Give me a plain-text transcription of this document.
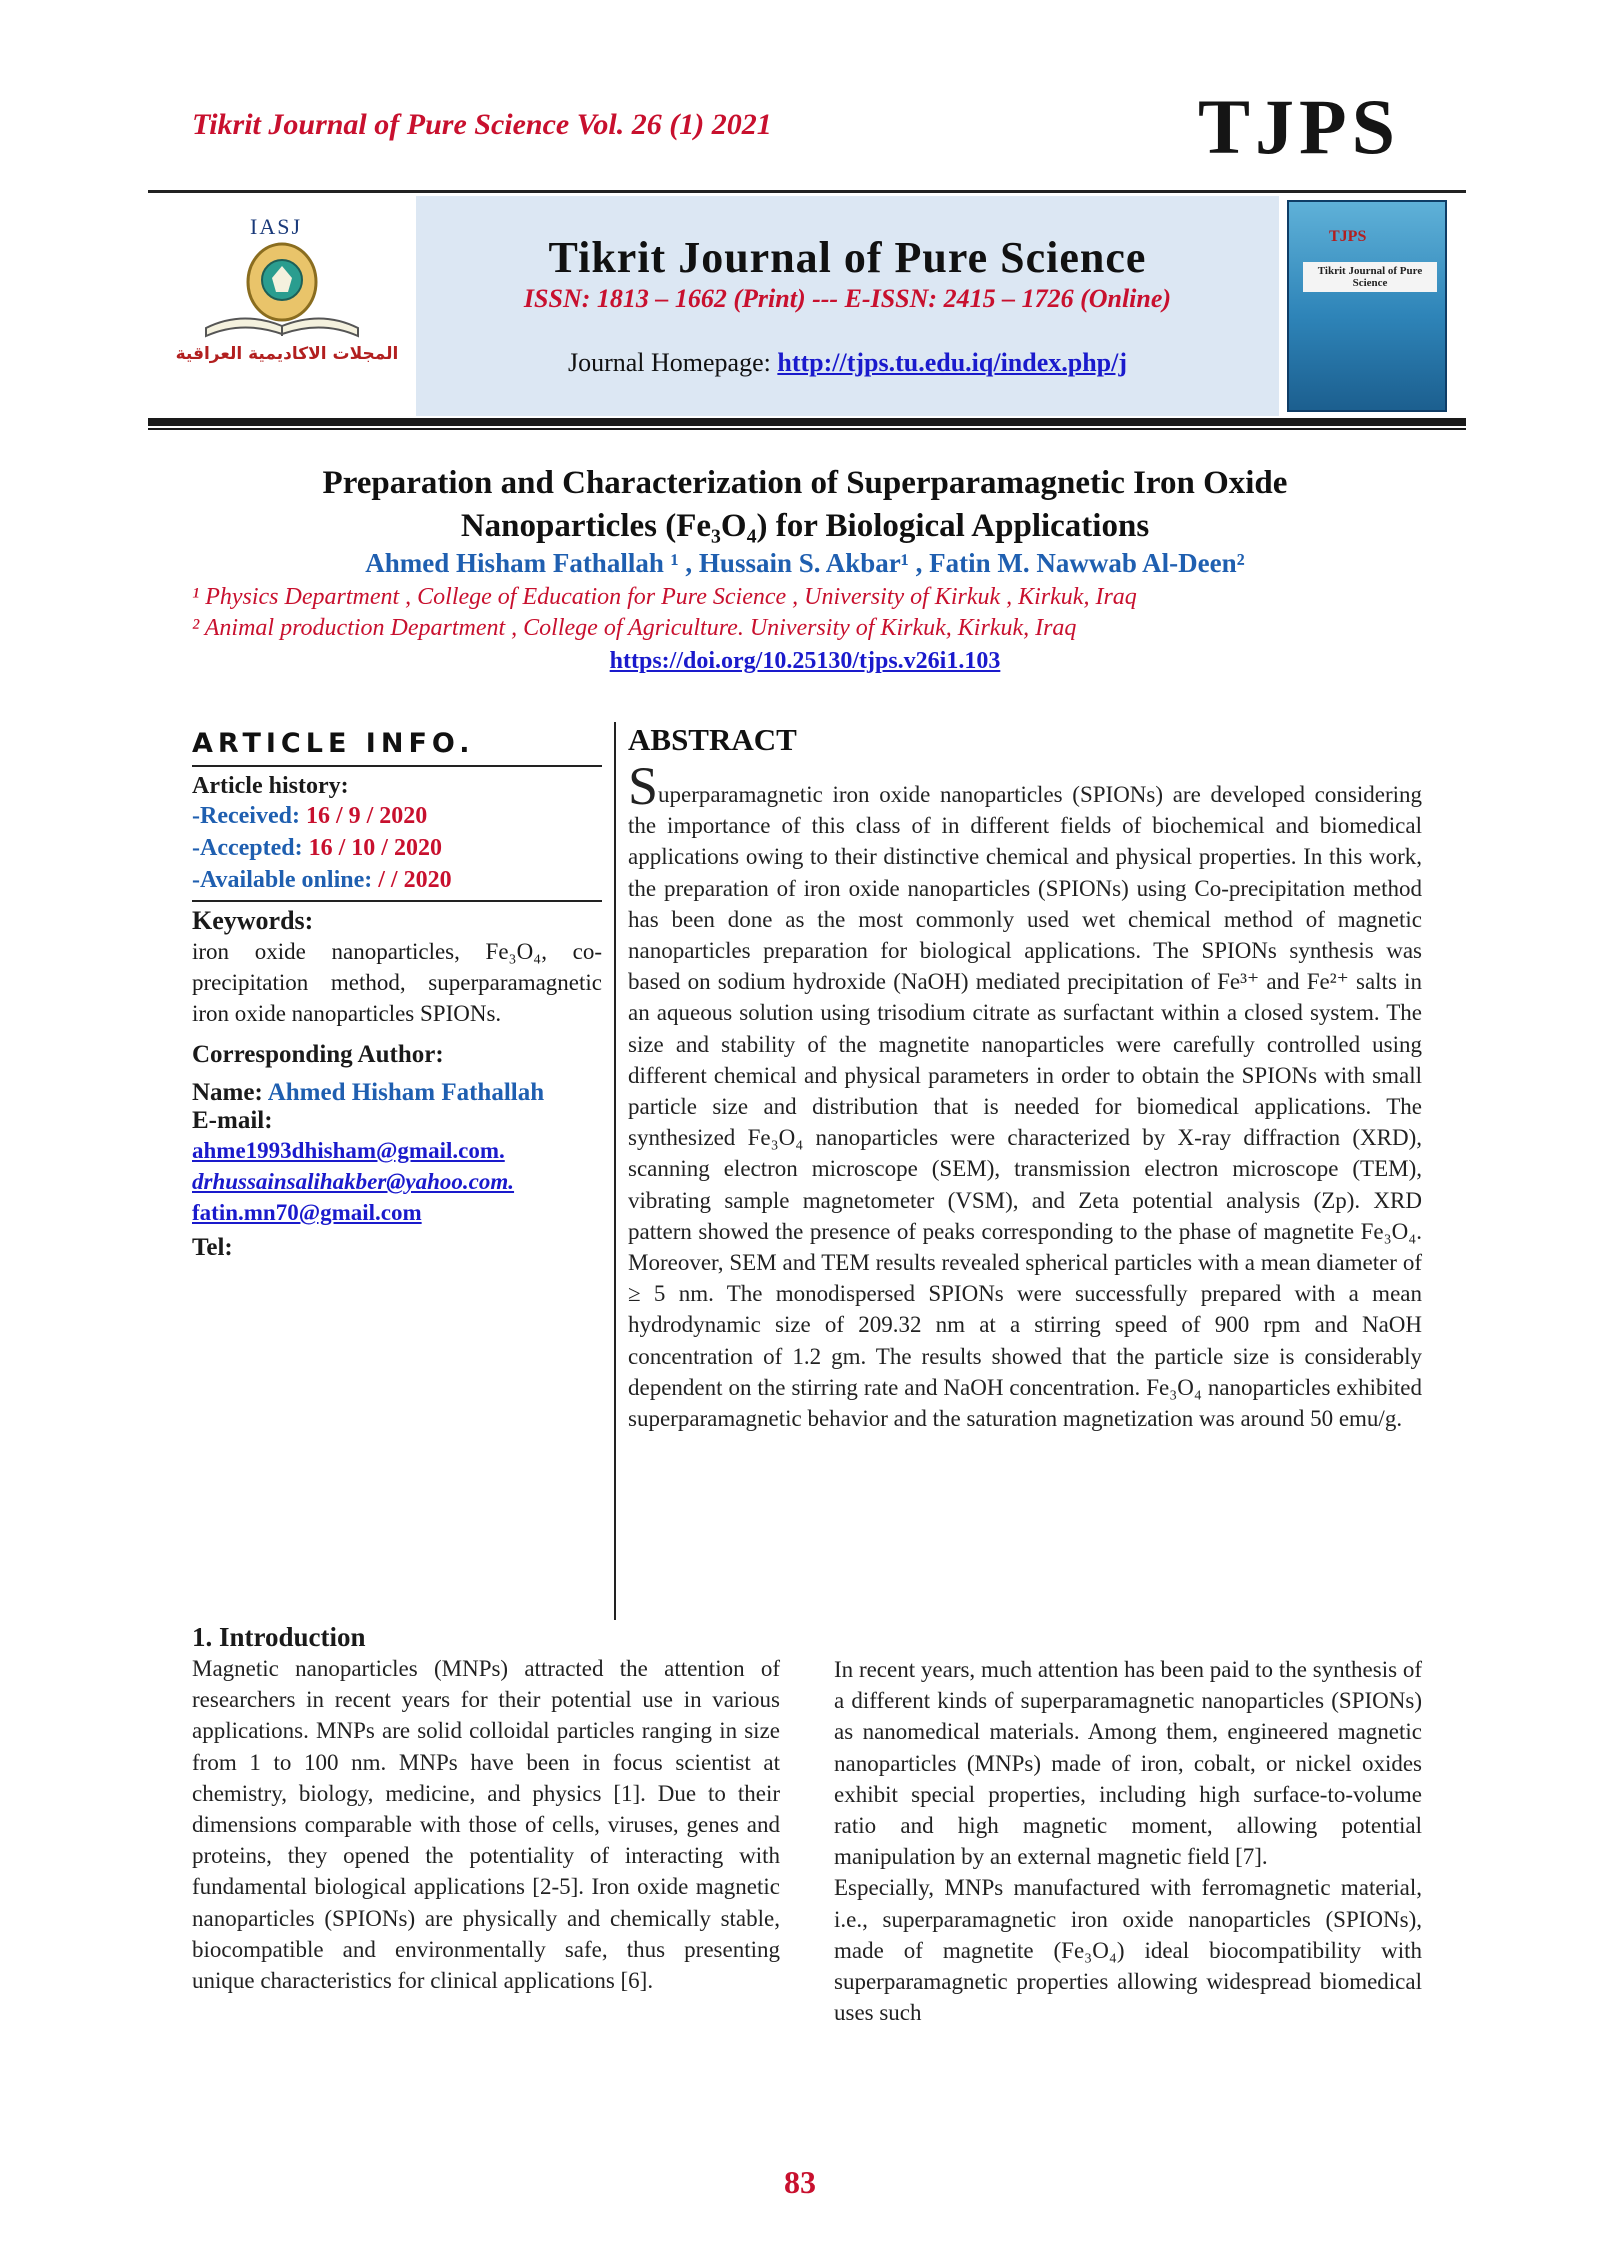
Tikrit Journal of Pure Science Vol. 26 (1) 2021	TJPS
IASJ
المجلات الاكاديمية العراقية
Tikrit Journal of Pure Science
ISSN: 1813 – 1662 (Print) --- E-ISSN: 2415 – 1726 (Online)
Journal Homepage: http://tjps.tu.edu.iq/index.php/j
TJPS
Tikrit Journal of Pure Science
Preparation and Characterization of Superparamagnetic Iron Oxide
Nanoparticles (Fe₃O₄) for Biological Applications
Ahmed Hisham Fathallah ¹ , Hussain S. Akbar¹ , Fatin M. Nawwab Al-Deen²
¹ Physics Department , College of Education for Pure Science , University of Kirkuk , Kirkuk, Iraq
² Animal production Department , College of Agriculture. University of Kirkuk, Kirkuk, Iraq
https://doi.org/10.25130/tjps.v26i1.103
ARTICLE INFO.
Article history:
-Received: 16 / 9 / 2020
-Accepted: 16 / 10 / 2020
-Available online: / / 2020
Keywords:
iron oxide nanoparticles, Fe₃O₄, co-precipitation method, superparamagnetic iron oxide nanoparticles SPIONs.
Corresponding Author:
Name: Ahmed Hisham Fathallah
E-mail:
ahme1993dhisham@gmail.com.
drhussainsalihakber@yahoo.com.
fatin.mn70@gmail.com
Tel:
ABSTRACT
Superparamagnetic iron oxide nanoparticles (SPIONs) are developed considering the importance of this class of in different fields of biochemical and biomedical applications owing to their distinctive chemical and physical properties. In this work, the preparation of iron oxide nanoparticles (SPIONs) using Co-precipitation method has been done as the most commonly used wet chemical method of magnetic nanoparticles preparation for biological applications. The SPIONs synthesis was based on sodium hydroxide (NaOH) mediated precipitation of Fe³⁺ and Fe²⁺ salts in an aqueous solution using trisodium citrate as surfactant within a closed system. The size and stability of the magnetite nanoparticles were carefully controlled using different chemical and physical parameters in order to obtain the SPIONs with small particle size and distribution that is needed for biomedical applications. The synthesized Fe₃O₄ nanoparticles were characterized by X-ray diffraction (XRD), scanning electron microscope (SEM), transmission electron microscope (TEM), vibrating sample magnetometer (VSM), and Zeta potential analysis (Zp). XRD pattern showed the presence of peaks corresponding to the phase of magnetite Fe₃O₄. Moreover, SEM and TEM results revealed spherical particles with a mean diameter of ≥ 5 nm. The monodispersed SPIONs were successfully prepared with a mean hydrodynamic size of 209.32 nm at a stirring speed of 900 rpm and NaOH concentration of 1.2 gm. The results showed that the particle size is considerably dependent on the stirring rate and NaOH concentration. Fe₃O₄ nanoparticles exhibited superparamagnetic behavior and the saturation magnetization was around 50 emu/g.
1. Introduction
Magnetic nanoparticles (MNPs) attracted the attention of researchers in recent years for their potential use in various applications. MNPs are solid colloidal particles ranging in size from 1 to 100 nm. MNPs have been in focus scientist at chemistry, biology, medicine, and physics [1]. Due to their dimensions comparable with those of cells, viruses, genes and proteins, they opened the potentiality of interacting with fundamental biological applications [2-5]. Iron oxide magnetic nanoparticles (SPIONs) are physically and chemically stable, biocompatible and environmentally safe, thus presenting unique characteristics for clinical applications [6].
In recent years, much attention has been paid to the synthesis of a different kinds of superparamagnetic nanoparticles (SPIONs) as nanomedical materials. Among them, engineered magnetic nanoparticles (MNPs) made of iron, cobalt, or nickel oxides exhibit special properties, including high surface-to-volume ratio and high magnetic moment, allowing potential manipulation by an external magnetic field [7].
Especially, MNPs manufactured with ferromagnetic material, i.e., superparamagnetic iron oxide nanoparticles (SPIONs), made of magnetite (Fe₃O₄) ideal biocompatibility with superparamagnetic properties allowing widespread biomedical uses such
83
